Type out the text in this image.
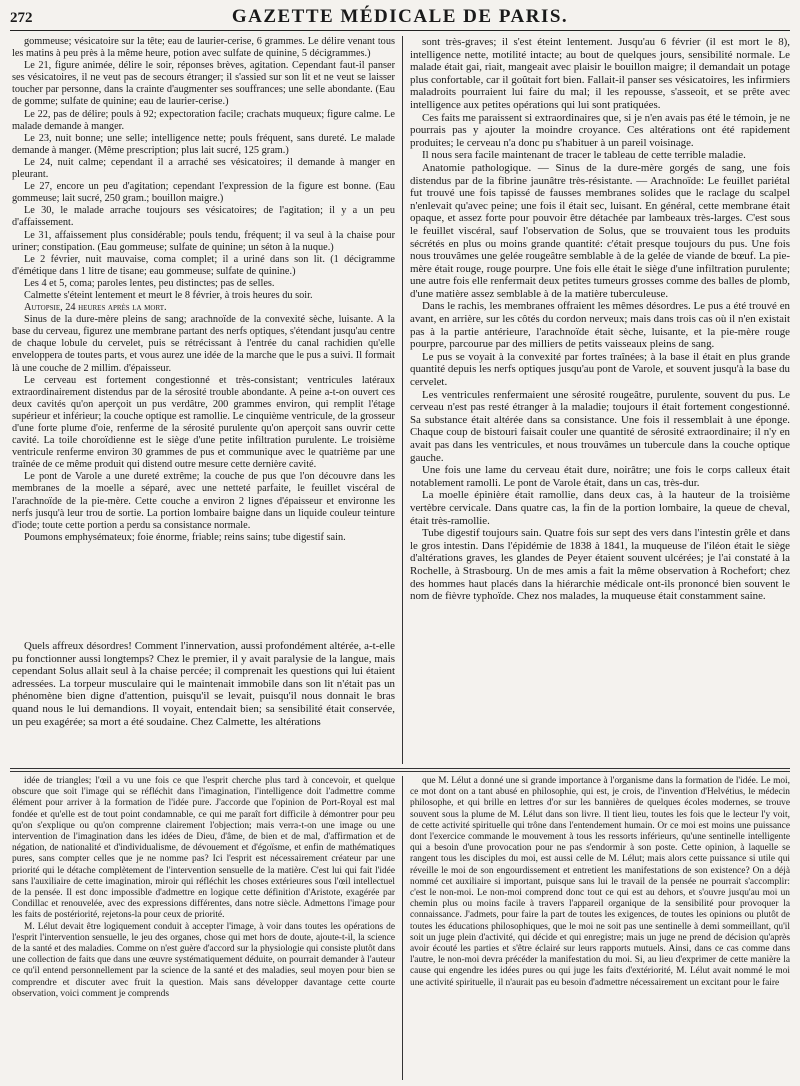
272	GAZETTE MÉDICALE DE PARIS.

gommeuse; vésicatoire sur la tête; eau de laurier-cerise, 6 grammes. Le délire venant tous les matins à peu près à la même heure, potion avec sulfate de quinine, 5 décigrammes.)

Le 21, figure animée, délire le soir, réponses brèves, agitation. Cependant faut-il panser ses vésicatoires, il ne veut pas de secours étranger; il s'assied sur son lit et ne veut se laisser toucher par personne, dans la crainte d'augmenter ses souffrances; une selle abondante. (Eau de gomme; sulfate de quinine; eau de laurier-cerise.)

Le 22, pas de délire; pouls à 92; expectoration facile; crachats muqueux; figure calme. Le malade demande à manger.

Le 23, nuit bonne; une selle; intelligence nette; pouls fréquent, sans dureté. Le malade demande à manger. (Même prescription; plus lait sucré, 125 gram.)

Le 24, nuit calme; cependant il a arraché ses vésicatoires; il demande à manger en pleurant.

Le 27, encore un peu d'agitation; cependant l'expression de la figure est bonne. (Eau gommeuse; lait sucré, 250 gram.; bouillon maigre.)

Le 30, le malade arrache toujours ses vésicatoires; de l'agitation; il y a un peu d'affaissement.

Le 31, affaissement plus considérable; pouls tendu, fréquent; il va seul à la chaise pour uriner; constipation. (Eau gommeuse; sulfate de quinine; un séton à la nuque.)

Le 2 février, nuit mauvaise, coma complet; il a uriné dans son lit. (1 décigramme d'émétique dans 1 litre de tisane; eau gommeuse; sulfate de quinine.)

Les 4 et 5, coma; paroles lentes, peu distinctes; pas de selles.

Calmette s'éteint lentement et meurt le 8 février, à trois heures du soir.

Autopsie, 24 heures après la mort.

Sinus de la dure-mère pleins de sang; arachnoïde de la convexité sèche, luisante. A la base du cerveau, figurez une membrane partant des nerfs optiques, s'étendant jusqu'au centre de chaque lobule du cervelet, puis se rétrécissant à l'entrée du canal rachidien qu'elle enveloppera de toutes parts, et vous aurez une idée de la marche que le pus a suivi. Il formait là une couche de 2 millim. d'épaisseur.

Le cerveau est fortement congestionné et très-consistant; ventricules latéraux extraordinairement distendus par de la sérosité trouble abondante. A peine a-t-on ouvert ces deux cavités qu'on aperçoit un pus verdâtre, 200 grammes environ, qui remplit l'étage supérieur et inférieur; la couche optique est ramollie. Le cinquième ventricule, de la grosseur d'une forte plume d'oie, renferme de la sérosité purulente qu'on aperçoit sans ouvrir cette cavité. La toile choroïdienne est le siège d'une petite infiltration purulente. Le troisième ventricule renferme environ 30 grammes de pus et communique avec le quatrième par une traînée de ce même produit qui distend outre mesure cette dernière cavité.

Le pont de Varole a une dureté extrême; la couche de pus que l'on découvre dans les membranes de la moelle a séparé, avec une netteté parfaite, le feuillet viscéral de l'arachnoïde de la pie-mère. Cette couche a environ 2 lignes d'épaisseur et environne les nerfs jusqu'à leur trou de sortie. La portion lombaire baigne dans un liquide couleur teinture d'iode; toute cette portion a perdu sa consistance normale.

Poumons emphysémateux; foie énorme, friable; reins sains; tube digestif sain.

Quels affreux désordres! Comment l'innervation, aussi profondément altérée, a-t-elle pu fonctionner aussi longtemps? Chez le premier, il y avait paralysie de la langue, mais cependant Solus allait seul à la chaise percée; il comprenait les questions qui lui étaient adressées. La torpeur musculaire qui le maintenait immobile dans son lit n'était pas un phénomène bien digne d'attention, puisqu'il se levait, puisqu'il nous donnait le bras quand nous le lui demandions. Il voyait, entendait bien; sa sensibilité était conservée, un peu exagérée; sa mort a été soudaine. Chez Calmette, les altérations

sont très-graves; il s'est éteint lentement. Jusqu'au 6 février (il est mort le 8), intelligence nette, motilité intacte; au bout de quelques jours, sensibilité normale. Le malade était gai, riait, mangeait avec plaisir le bouillon maigre; il demandait un potage plus confortable, car il goûtait fort bien. Fallait-il panser ses vésicatoires, les infirmiers maladroits pourraient lui faire du mal; il les repousse, s'asseoit, et se prête avec intelligence aux petites opérations qui lui sont pratiquées.

Ces faits me paraissent si extraordinaires que, si je n'en avais pas été le témoin, je ne pourrais pas y ajouter la moindre croyance. Ces altérations ont été rapidement produites; le cerveau n'a donc pu s'habituer à un pareil voisinage.

Il nous sera facile maintenant de tracer le tableau de cette terrible maladie.

Anatomie pathologique. — Sinus de la dure-mère gorgés de sang, une fois distendus par de la fibrine jaunâtre très-résistante. — Arachnoïde: Le feuillet pariétal fut trouvé une fois tapissé de fausses membranes solides que le raclage du scalpel n'enlevait qu'avec peine; une fois il était sec, luisant. En général, cette membrane était opaque, et assez forte pour pouvoir être détachée par lambeaux très-larges. C'est sous le feuillet viscéral, sauf l'observation de Solus, que se trouvaient tous les produits sécrétés en plus ou moins grande quantité: c'était presque toujours du pus. Une fois nous trouvâmes une gelée rougeâtre semblable à de la gelée de viande de bœuf. La pie-mère était rouge, rouge pourpre. Une fois elle était le siège d'une infiltration purulente; une autre fois elle renfermait deux petites tumeurs grosses comme des balles de plomb, d'une matière assez semblable à de la matière tuberculeuse.

Dans le rachis, les membranes offraient les mêmes désordres. Le pus a été trouvé en avant, en arrière, sur les côtés du cordon nerveux; mais dans trois cas où il n'en existait pas à la partie antérieure, l'arachnoïde était sèche, luisante, et la pie-mère rouge pourpre, parcourue par des milliers de petits vaisseaux pleins de sang.

Le pus se voyait à la convexité par fortes traînées; à la base il était en plus grande quantité depuis les nerfs optiques jusqu'au pont de Varole, et souvent jusqu'à la base du cervelet.

Les ventricules renfermaient une sérosité rougeâtre, purulente, souvent du pus. Le cerveau n'est pas resté étranger à la maladie; toujours il était fortement congestionné. Sa substance était altérée dans sa consistance. Une fois il ressemblait à une éponge. Chaque coup de bistouri faisait couler une quantité de sérosité extraordinaire; il n'y en avait pas dans les ventricules, et nous trouvâmes un tubercule dans la couche optique gauche.

Une fois une lame du cerveau était dure, noirâtre; une fois le corps calleux était notablement ramolli. Le pont de Varole était, dans un cas, très-dur.

La moelle épinière était ramollie, dans deux cas, à la hauteur de la troisième vertèbre cervicale. Dans quatre cas, la fin de la portion lombaire, la queue de cheval, était très-ramollie.

Tube digestif toujours sain. Quatre fois sur sept des vers dans l'intestin grêle et dans le gros intestin. Dans l'épidémie de 1838 à 1841, la muqueuse de l'iléon était le siège d'altérations graves, les glandes de Peyer étaient souvent ulcérées; je l'ai constaté à la Rochelle, à Strasbourg. Un de mes amis a fait la même observation à Rochefort; chez des hommes haut placés dans la hiérarchie médicale ont-ils prononcé bien souvent le nom de fièvre typhoïde. Chez nos malades, la muqueuse était constamment saine.

idée de triangles; l'œil a vu une fois ce que l'esprit cherche plus tard à concevoir, et quelque obscure que soit l'image qui se réfléchit dans l'imagination, l'intelligence doit l'admettre comme élément pour arriver à la formation de l'idée pure. J'accorde que l'opinion de Port-Royal est mal fondée et qu'elle est de tout point condamnable, ce qui me paraît fort difficile à démontrer pour peu qu'on s'explique ou qu'on comprenne clairement l'objection; mais verra-t-on une image ou une intervention de l'imagination dans les idées de Dieu, d'âme, de bien et de mal, d'affirmation et de négation, de nationalité et d'individualisme, de dévouement et d'égoïsme, et enfin de mathématiques pures, sans compter celles que je ne nomme pas? Ici l'esprit est nécessairement créateur par une priorité qui le détache complètement de l'intervention sensuelle de la matière. C'est lui qui fait l'idée sans l'auxiliaire de cette imagination, miroir qui réfléchit les choses extérieures sous l'œil intellectuel de la pensée. Il est donc impossible d'admettre en logique cette définition d'Aristote, exagérée par Condillac et renouvelée, avec des expressions différentes, dans notre siècle. Admettons l'image pour les faits de postériorité, rejetons-la pour ceux de priorité.

M. Lélut devait être logiquement conduit à accepter l'image, à voir dans toutes les opérations de l'esprit l'intervention sensuelle, le jeu des organes, chose qui met hors de doute, ajoute-t-il, la science de la santé et des maladies. Comme on n'est guère d'accord sur la physiologie qui consiste plutôt dans une collection de faits que dans une œuvre systématiquement déduite, on pourrait demander à l'auteur ce qu'il entend personnellement par la science de la santé et des maladies, seul moyen pour bien se comprendre et discuter avec fruit la question. Mais sans développer davantage cette courte observation, voici comment je comprends

que M. Lélut a donné une si grande importance à l'organisme dans la formation de l'idée. Le moi, ce mot dont on a tant abusé en philosophie, qui est, je crois, de l'invention d'Helvétius, le médecin philosophe, et qui brille en lettres d'or sur les bannières de quelques écoles modernes, se trouve souvent sous la plume de M. Lélut dans son livre. Il tient lieu, toutes les fois que le lecteur l'y voit, de cette activité spirituelle qui trône dans l'entendement humain. Or ce moi est moins une puissance dont l'exercice commande le mouvement à tous les ressorts inférieurs, qu'une sentinelle intelligente qui a besoin d'une provocation pour ne pas s'endormir à son poste. Cette opinion, à laquelle se rangent tous les disciples du moi, est aussi celle de M. Lélut; mais alors cette puissance si utile qui réveille le moi de son engourdissement et entretient les manifestations de son existence? On a déjà nommé cet auxiliaire si important, puisque sans lui le travail de la pensée ne pourrait s'accomplir: c'est le non-moi. Le non-moi comprend donc tout ce qui est au dehors, et s'ouvre jusqu'au moi un chemin plus ou moins facile à travers l'appareil organique de la sensibilité pour provoquer la connaissance. J'admets, pour faire la part de toutes les exigences, de toutes les opinions ou plutôt de toutes les éducations philosophiques, que le moi ne soit pas une sentinelle à demi sommeillant, qu'il soit un juge plein d'activité, qui décide et qui enregistre; mais un juge ne prend de décision qu'après avoir écouté les parties et s'être éclairé sur leurs rapports mutuels. Ainsi, dans ce cas comme dans l'autre, le non-moi devra précéder la manifestation du moi. Si, au lieu d'exprimer de cette manière la cause qui engendre les idées pures ou qui juge les faits d'extériorité, M. Lélut avait nommé le moi une activité spirituelle, il n'aurait pas eu besoin d'admettre nécessairement un excitant pour le faire
